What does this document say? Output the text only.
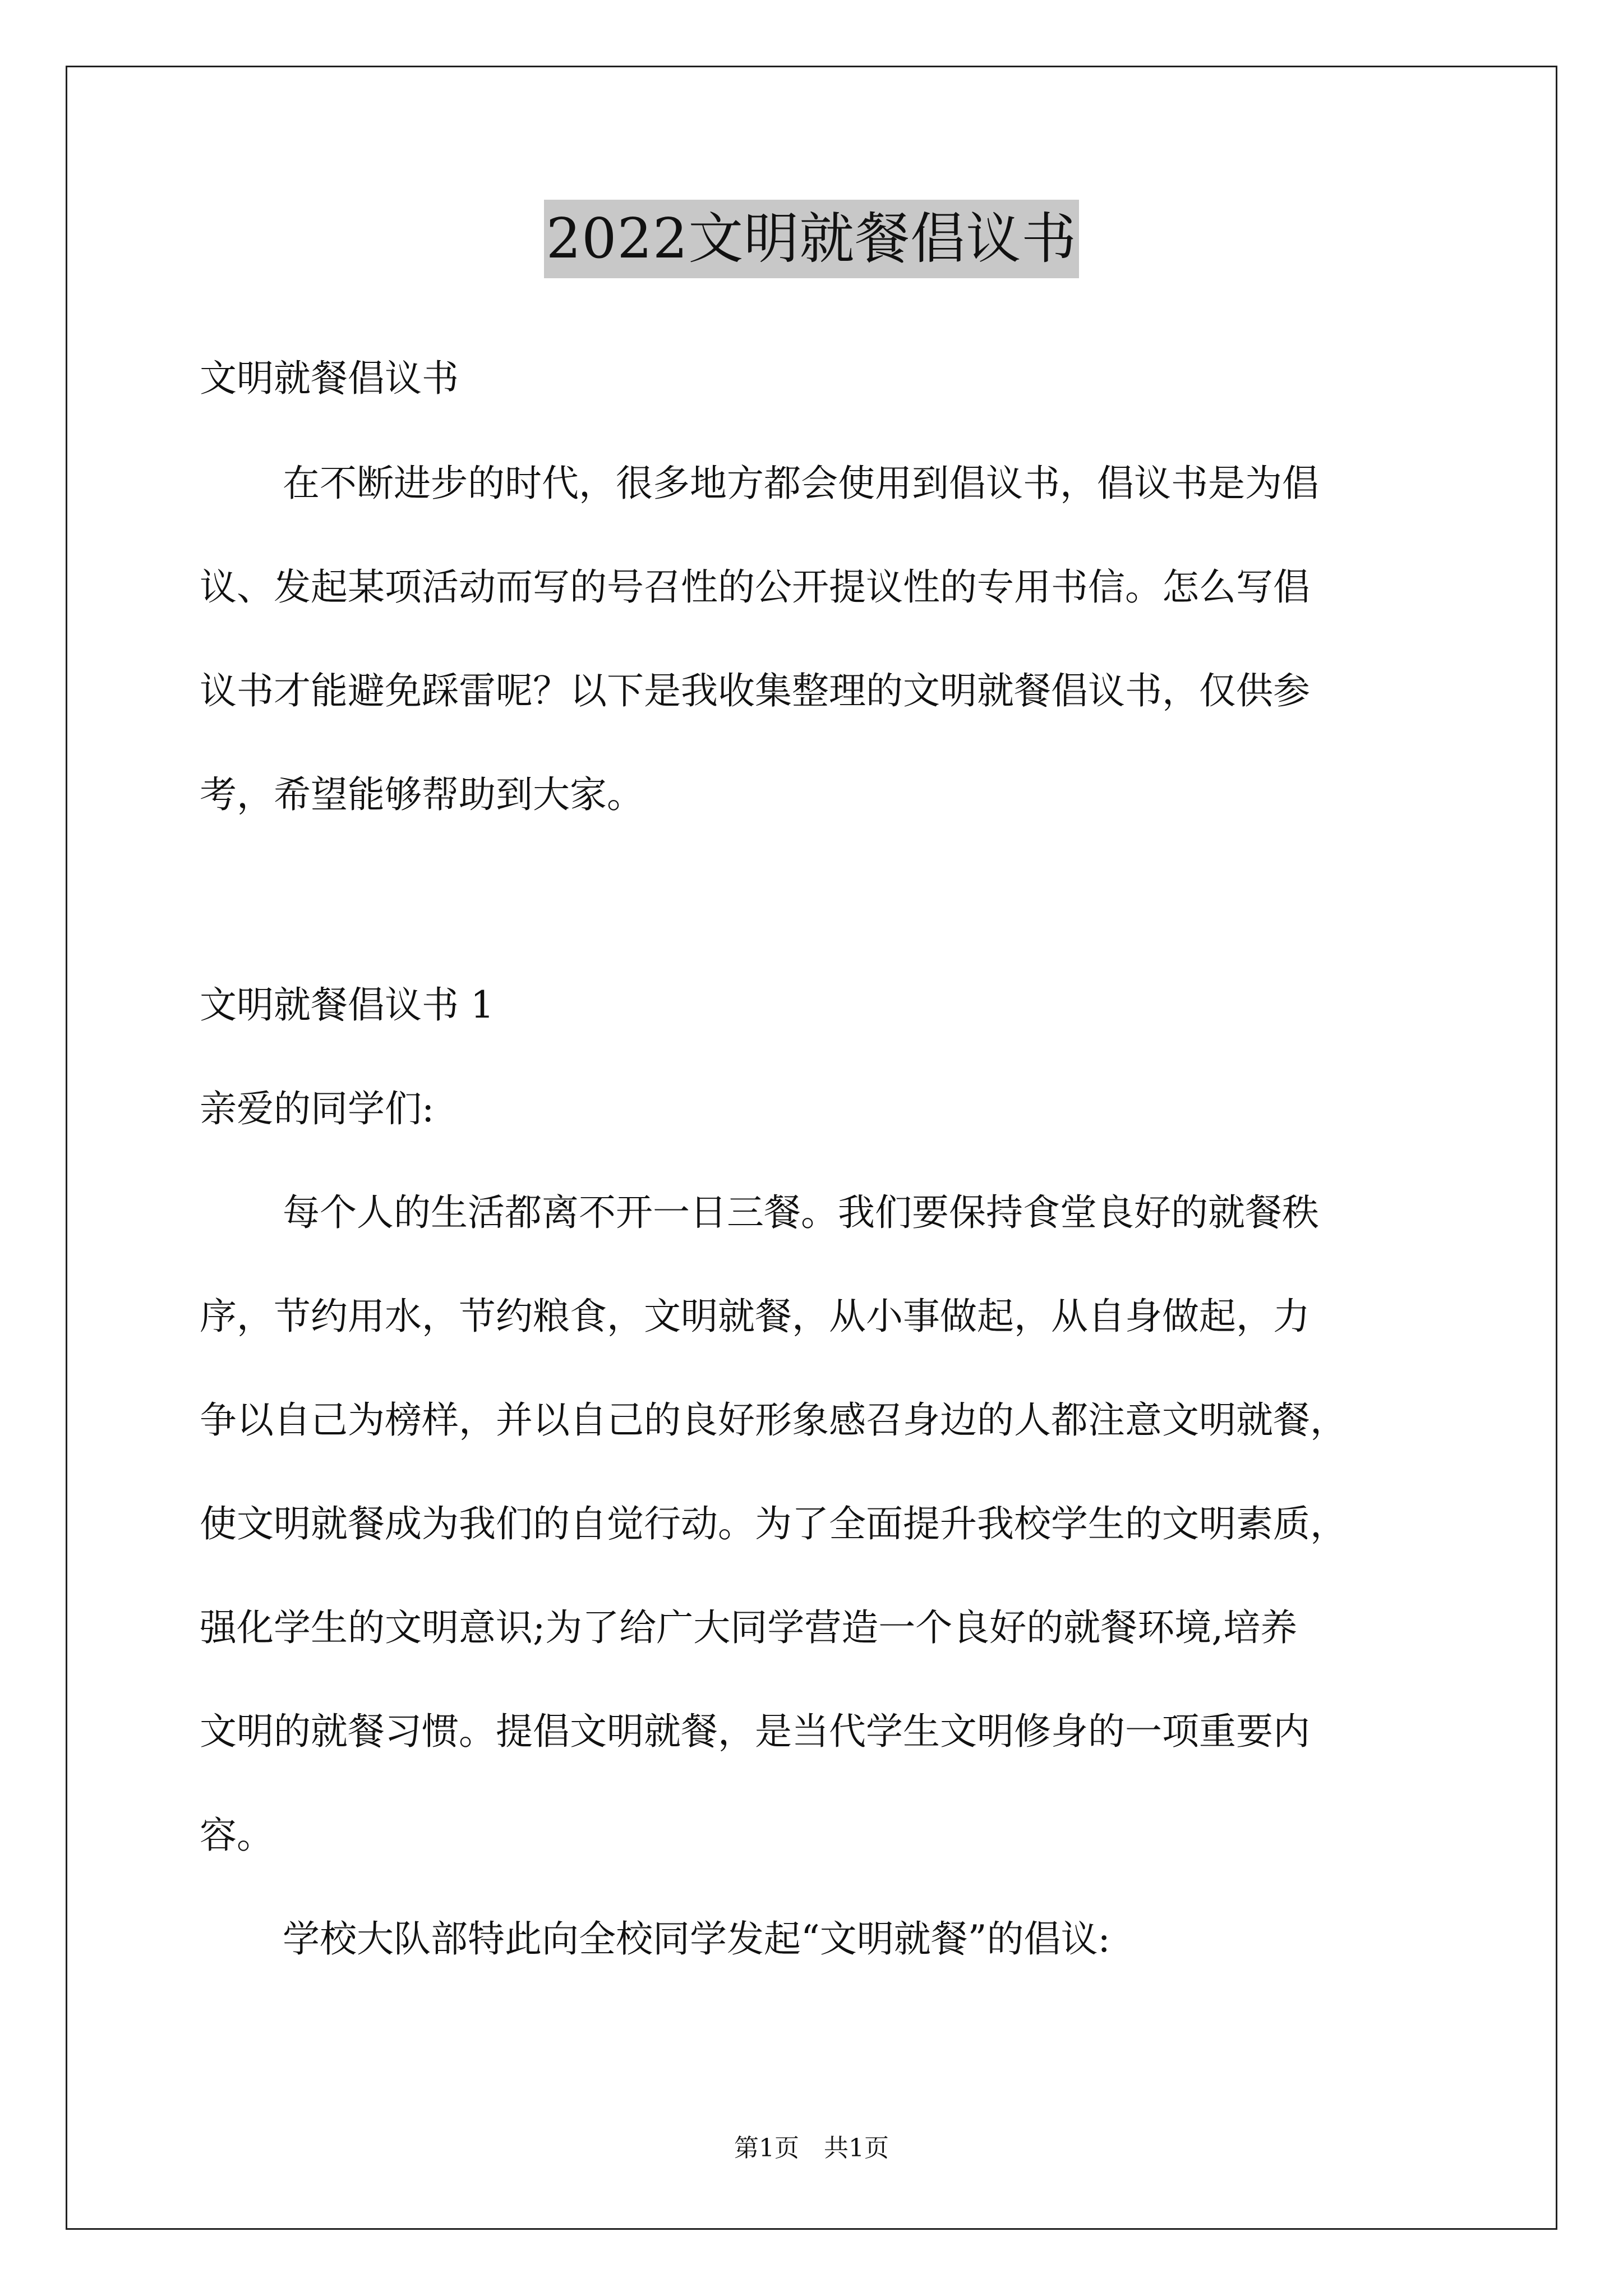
2022文明就餐倡议书
文明就餐倡议书
在不断进步的时代，很多地方都会使用到倡议书，倡议书是为倡
议、发起某项活动而写的号召性的公开提议性的专用书信。怎么写倡
议书才能避免踩雷呢？以下是我收集整理的文明就餐倡议书，仅供参
考，希望能够帮助到大家。
文明就餐倡议书 1
亲爱的同学们:
每个人的生活都离不开一日三餐。我们要保持食堂良好的就餐秩
序，节约用水，节约粮食，文明就餐，从小事做起，从自身做起，力
争以自己为榜样，并以自己的良好形象感召身边的人都注意文明就餐，
使文明就餐成为我们的自觉行动。为了全面提升我校学生的文明素质，
强化学生的文明意识;为了给广大同学营造一个良好的就餐环境,培养
文明的就餐习惯。提倡文明就餐，是当代学生文明修身的一项重要内
容。
学校大队部特此向全校同学发起“文明就餐”的倡议:
第1页　共1页
